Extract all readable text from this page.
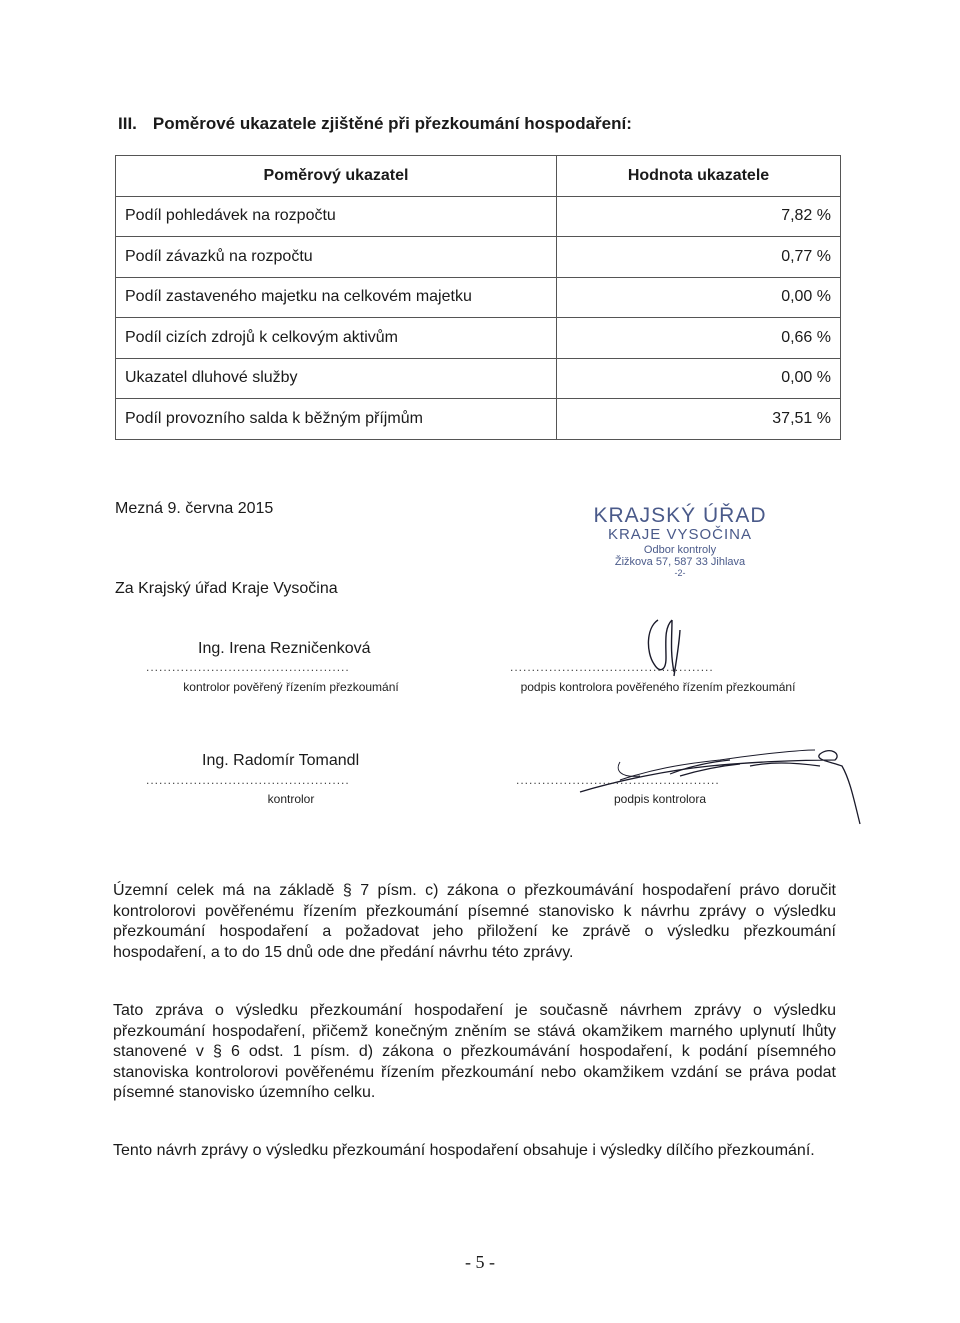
III. Poměrové ukazatele zjištěné při přezkoumání hospodaření:
Poměrový ukazatel	Hodnota ukazatele
Podíl pohledávek na rozpočtu	7,82 %
Podíl závazků na rozpočtu	0,77 %
Podíl zastaveného majetku na celkovém majetku	0,00 %
Podíl cizích zdrojů k celkovým aktivům	0,66 %
Ukazatel dluhové služby	0,00 %
Podíl provozního salda k běžným příjmům	37,51 %
Mezná 9. června 2015
Za Krajský úřad Kraje Vysočina
KRAJSKÝ ÚŘAD
KRAJE VYSOČINA
Odbor kontroly
Žižkova 57, 587 33 Jihlava
-2-
Ing. Irena Rezničenková
...............................................
kontrolor pověřený řízením přezkoumání
...............................................
podpis kontrolora pověřeného řízením přezkoumání
Ing. Radomír Tomandl
...............................................
kontrolor
...............................................
podpis kontrolora
Územní celek má na základě § 7 písm. c) zákona o přezkoumávání hospodaření právo doručit kontrolorovi pověřenému řízením přezkoumání písemné stanovisko k návrhu zprávy o výsledku přezkoumání hospodaření a požadovat jeho přiložení ke zprávě o výsledku přezkoumání hospodaření, a to do 15 dnů ode dne předání návrhu této zprávy.
Tato zpráva o výsledku přezkoumání hospodaření je současně návrhem zprávy o výsledku přezkoumání hospodaření, přičemž konečným zněním se stává okamžikem marného uplynutí lhůty stanovené v § 6 odst. 1 písm. d) zákona o přezkoumávání hospodaření, k podání písemného stanoviska kontrolorovi pověřenému řízením přezkoumání nebo okamžikem vzdání se práva podat písemné stanovisko územního celku.
Tento návrh zprávy o výsledku přezkoumání hospodaření obsahuje i výsledky dílčího přezkoumání.
- 5 -
